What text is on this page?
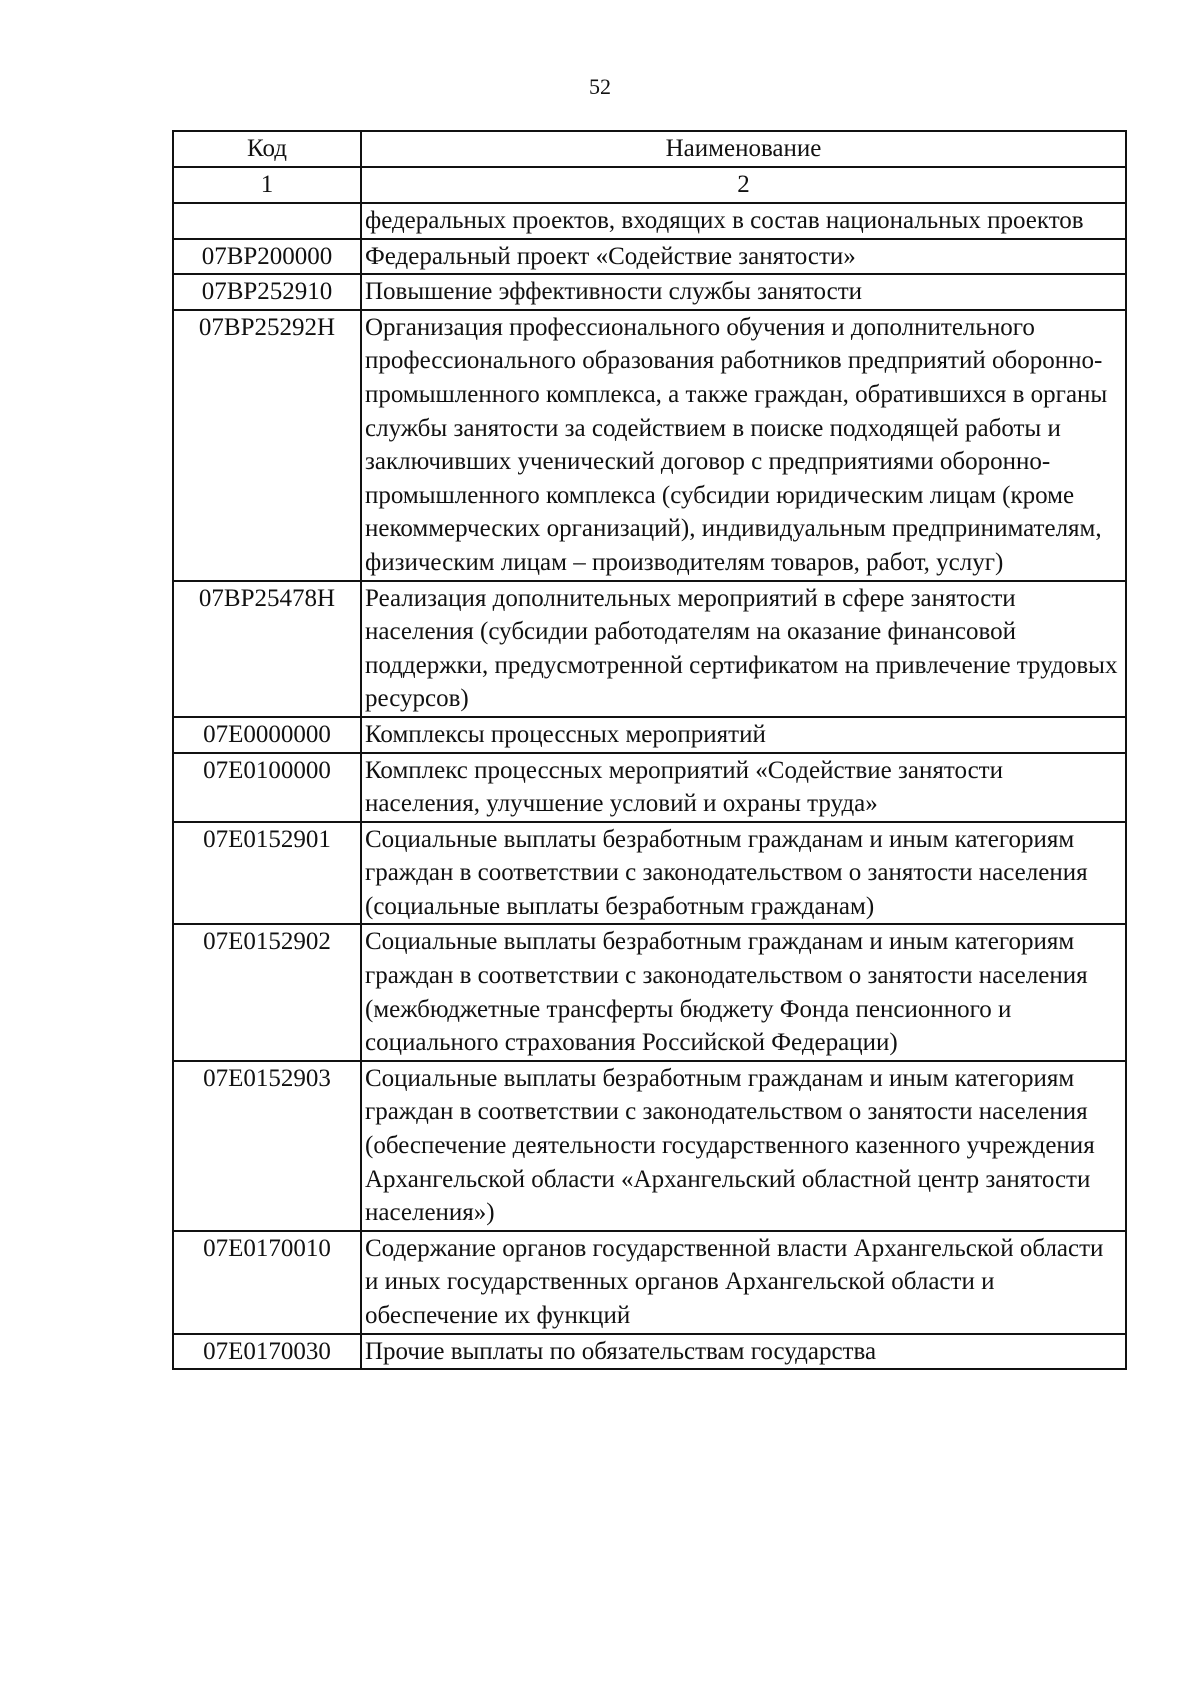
52
Код	Наименование
1	2
	федеральных проектов, входящих в состав национальных проектов
07ВР200000	Федеральный проект «Содействие занятости»
07ВР252910	Повышение эффективности службы занятости
07ВР25292Н	Организация профессионального обучения и дополнительного профессионального образования работников предприятий оборонно-промышленного комплекса, а также граждан, обратившихся в органы службы занятости за содействием в поиске подходящей работы и заключивших ученический договор с предприятиями оборонно-промышленного комплекса (субсидии юридическим лицам (кроме некоммерческих организаций), индивидуальным предпринимателям, физическим лицам – производителям товаров, работ, услуг)
07ВР25478Н	Реализация дополнительных мероприятий в сфере занятости населения (субсидии работодателям на оказание финансовой поддержки, предусмотренной сертификатом на привлечение трудовых ресурсов)
07Е0000000	Комплексы процессных мероприятий
07Е0100000	Комплекс процессных мероприятий «Содействие занятости населения, улучшение условий и охраны труда»
07Е0152901	Социальные выплаты безработным гражданам и иным категориям граждан в соответствии с законодательством о занятости населения (социальные выплаты безработным гражданам)
07Е0152902	Социальные выплаты безработным гражданам и иным категориям граждан в соответствии с законодательством о занятости населения (межбюджетные трансферты бюджету Фонда пенсионного и социального страхования Российской Федерации)
07Е0152903	Социальные выплаты безработным гражданам и иным категориям граждан в соответствии с законодательством о занятости населения (обеспечение деятельности государственного казенного учреждения Архангельской области «Архангельский областной центр занятости населения»)
07Е0170010	Содержание органов государственной власти Архангельской области и иных государственных органов Архангельской области и обеспечение их функций
07Е0170030	Прочие выплаты по обязательствам государства
